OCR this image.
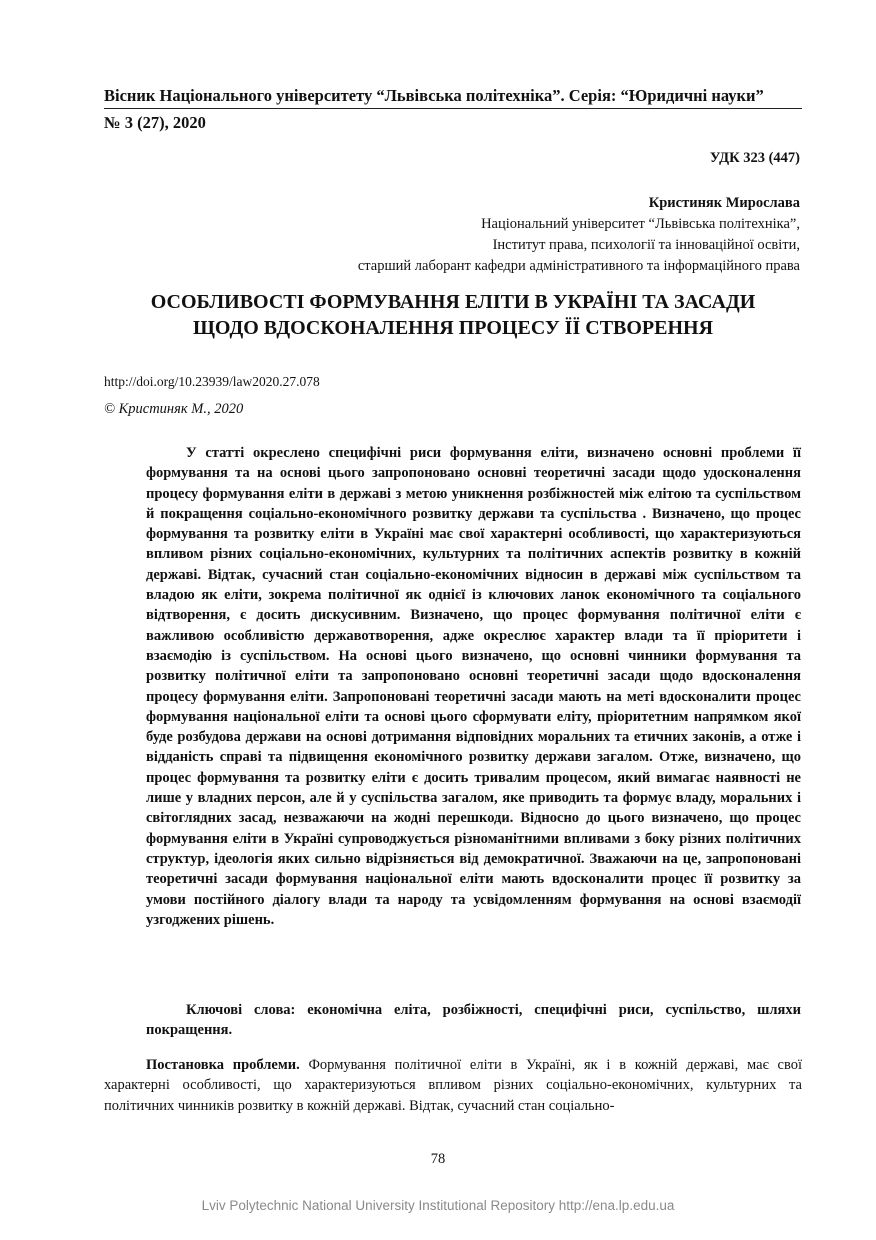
Вісник Національного університету “Львівська політехніка”. Серія: “Юридичні науки”
№ 3 (27), 2020
УДК 323 (447)
Кристиняк Мирослава
Національний університет “Львівська політехніка”,
Інститут права, психології та інноваційної освіти,
старший лаборант кафедри адміністративного та інформаційного права
ОСОБЛИВОСТІ ФОРМУВАННЯ ЕЛІТИ В УКРАЇНІ ТА ЗАСАДИ
ЩОДО ВДОСКОНАЛЕННЯ ПРОЦЕСУ ЇЇ СТВОРЕННЯ
http://doi.org/10.23939/law2020.27.078
© Кристиняк М., 2020
У статті окреслено специфічні риси формування еліти, визначено основні проблеми її формування та на основі цього запропоновано основні теоретичні засади щодо удосконалення процесу формування еліти в державі з метою уникнення розбіжностей між елітою та суспільством й покращення соціально-економічного розвитку держави та суспільства . Визначено, що процес формування та розвитку еліти в Україні має свої характерні особливості, що характеризуються впливом різних соціально-економічних, культурних та політичних аспектів розвитку в кожній державі. Відтак, сучасний стан соціально-економічних відносин в державі між суспільством та владою як еліти, зокрема політичної як однієї із ключових ланок економічного та соціального відтворення, є досить дискусивним. Визначено, що процес формування політичної еліти є важливою особливістю державотворення, адже окреслює характер влади та її пріоритети і взаємодію із суспільством. На основі цього визначено, що основні чинники формування та розвитку політичної еліти та запропоновано основні теоретичні засади щодо вдосконалення процесу формування еліти. Запропоновані теоретичні засади мають на меті вдосконалити процес формування національної еліти та основі цього сформувати еліту, пріоритетним напрямком якої буде розбудова держави на основі дотримання відповідних моральних та етичних законів, а отже і відданість справі та підвищення економічного розвитку держави загалом. Отже, визначено, що процес формування та розвитку еліти є досить тривалим процесом, який вимагає наявності не лише у владних персон, але й у суспільства загалом, яке приводить та формує владу, моральних і світоглядних засад, незважаючи на жодні перешкоди. Відносно до цього визначено, що процес формування еліти в Україні супроводжується різноманітними впливами з боку різних політичних структур, ідеологія яких сильно відрізняється від демократичної. Зважаючи на це, запропоновані теоретичні засади формування національної еліти мають вдосконалити процес її розвитку за умови постійного діалогу влади та народу та усвідомленням формування на основі взаємодії узгоджених рішень.
Ключові слова: економічна еліта, розбіжності, специфічні риси, суспільство, шляхи покращення.
Постановка проблеми. Формування політичної еліти в Україні, як і в кожній державі, має свої характерні особливості, що характеризуються впливом різних соціально-економічних, культурних та політичних чинників розвитку в кожній державі. Відтак, сучасний стан соціально-
78
Lviv Polytechnic National University Institutional Repository http://ena.lp.edu.ua
